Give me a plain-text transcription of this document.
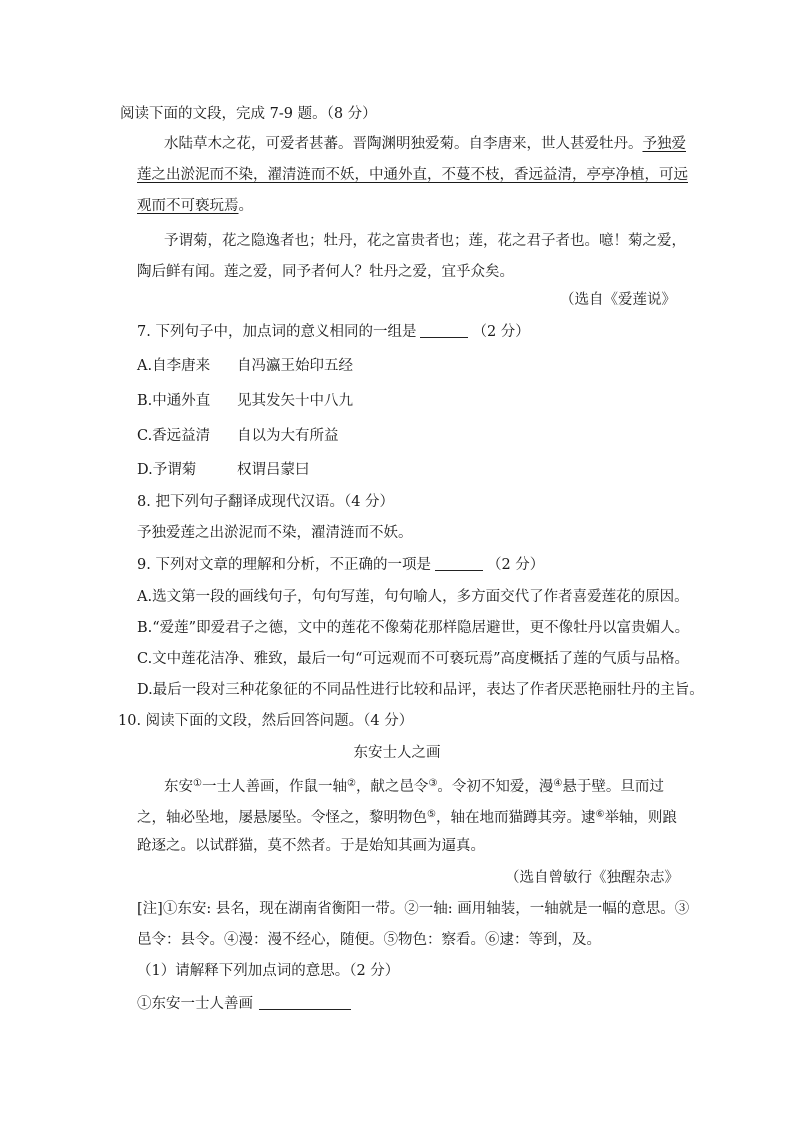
阅读下面的文段，完成 7-9 题。（8 分）
水陆草木之花，可爱者甚蕃。晋陶渊明独爱菊。自李唐来，世人甚爱牡丹。予独爱
莲之出淤泥而不染，濯清涟而不妖，中通外直，不蔓不枝，香远益清，亭亭净植，可远
观而不可亵玩焉。
予谓菊，花之隐逸者也；牡丹，花之富贵者也；莲，花之君子者也。噫！菊之爱，
陶后鲜有闻。莲之爱，同予者何人？牡丹之爱，宜乎众矣。
（选自《爱莲说》
7. 下列句子中，加点词的意义相同的一组是	（2 分）
A.自李唐来 自冯瀛王始印五经
B.中通外直 见其发矢十中八九
C.香远益清 自以为大有所益
D.予谓菊	权谓吕蒙曰
8. 把下列句子翻译成现代汉语。（4 分）
予独爱莲之出淤泥而不染，濯清涟而不妖。
9. 下列对文章的理解和分析，不正确的一项是	（2 分）
A.选文第一段的画线句子，句句写莲，句句喻人，多方面交代了作者喜爱莲花的原因。
B.“爱莲”即爱君子之德，文中的莲花不像菊花那样隐居避世，更不像牡丹以富贵媚人。
C.文中莲花洁净、雅致，最后一句“可远观而不可亵玩焉”高度概括了莲的气质与品格。
D.最后一段对三种花象征的不同品性进行比较和品评，表达了作者厌恶艳丽牡丹的主旨。
10. 阅读下面的文段，然后回答问题。（4 分）
东安士人之画
东安①一士人善画，作鼠一轴②，献之邑令③。令初不知爱，漫④悬于壁。旦而过
之，轴必坠地，屡悬屡坠。令怪之，黎明物色⑤，轴在地而猫蹲其旁。逮⑥举轴，则踉
跄逐之。以试群猫，莫不然者。于是始知其画为逼真。
（选自曾敏行《独醒杂志》
[注]①东安: 县名，现在湖南省衡阳一带。②一轴: 画用轴装，一轴就是一幅的意思。③
邑令：县令。④漫：漫不经心，随便。⑤物色：察看。⑥逮：等到，及。
（1）请解释下列加点词的意思。（2 分）
①东安一士人善画
